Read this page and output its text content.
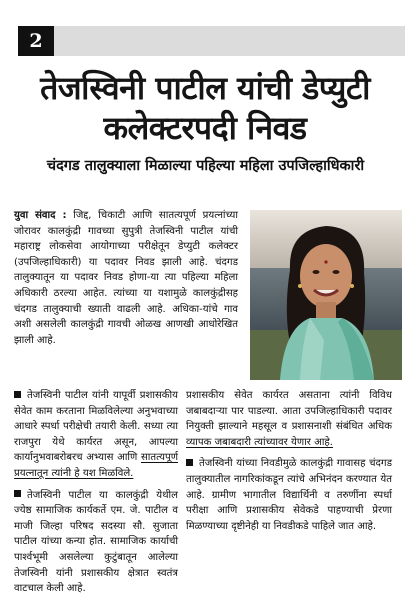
2
तेजस्विनी पाटील यांची डेप्युटी कलेक्टरपदी निवड
चंदगड तालुक्याला मिळाल्या पहिल्या महिला उपजिल्हाधिकारी
युवा संवाद : जिद्द, चिकाटी आणि सातत्यपूर्ण प्रयत्नांच्या जोरावर कालकुंद्री गावच्या सुपुत्री तेजस्विनी पाटील यांची महाराष्ट्र लोकसेवा आयोगाच्या परीक्षेतून डेप्युटी कलेक्टर (उपजिल्हाधिकारी) या पदावर निवड झाली आहे. चंदगड तालुक्यातून या पदावर निवड होणा-या त्या पहिल्या महिला अधिकारी ठरल्या आहेत. त्यांच्या या यशामुळे कालकुंद्रीसह चंदगड तालुक्याची ख्याती वाढली आहे. अधिका-यांचे गाव अशी असलेली कालकुंद्री गावची ओळख आणखी आधोरेखित झाली आहे.

तेजस्विनी पाटील यांनी यापूर्वी प्रशासकीय सेवेत काम करताना मिळविलेल्या अनुभवाच्या आधारे स्पर्धा परीक्षेची तयारी केली. सध्या त्या राजपुरा येथे कार्यरत असून, आपल्या कार्यानुभवाबरोबरच अभ्यास आणि सातत्यपूर्ण प्रयत्नातून त्यांनी हे यश मिळविले.

तेजस्विनी पाटील या कालकुंद्री येथील ज्येष्ठ सामाजिक कार्यकर्ते एम. जे. पाटील व माजी जिल्हा परिषद सदस्या सौ. सुजाता पाटील यांच्या कन्या होत. सामाजिक कार्याची पार्श्वभूमी असलेल्या कुटुंबातून आलेल्या तेजस्विनी यांनी प्रशासकीय क्षेत्रात स्वतंत्र वाटचाल केली आहे.

प्रशासकीय सेवेत कार्यरत असताना त्यांनी विविध जबाबदाऱ्या पार पाडल्या. आता उपजिल्हाधिकारी पदावर नियुक्ती झाल्याने महसूल व प्रशासनाशी संबंधित अधिक व्यापक जबाबदारी त्यांच्यावर येणार आहे.

तेजस्विनी यांच्या निवडीमुळे कालकुंद्री गावासह चंदगड तालुक्यातील नागरिकांकडून त्यांचे अभिनंदन करण्यात येत आहे. ग्रामीण भागातील विद्यार्थिनी व तरुणींना स्पर्धा परीक्षा आणि प्रशासकीय सेवेकडे पाहण्याची प्रेरणा मिळण्याच्या दृष्टीनेही या निवडीकडे पाहिले जात आहे.
